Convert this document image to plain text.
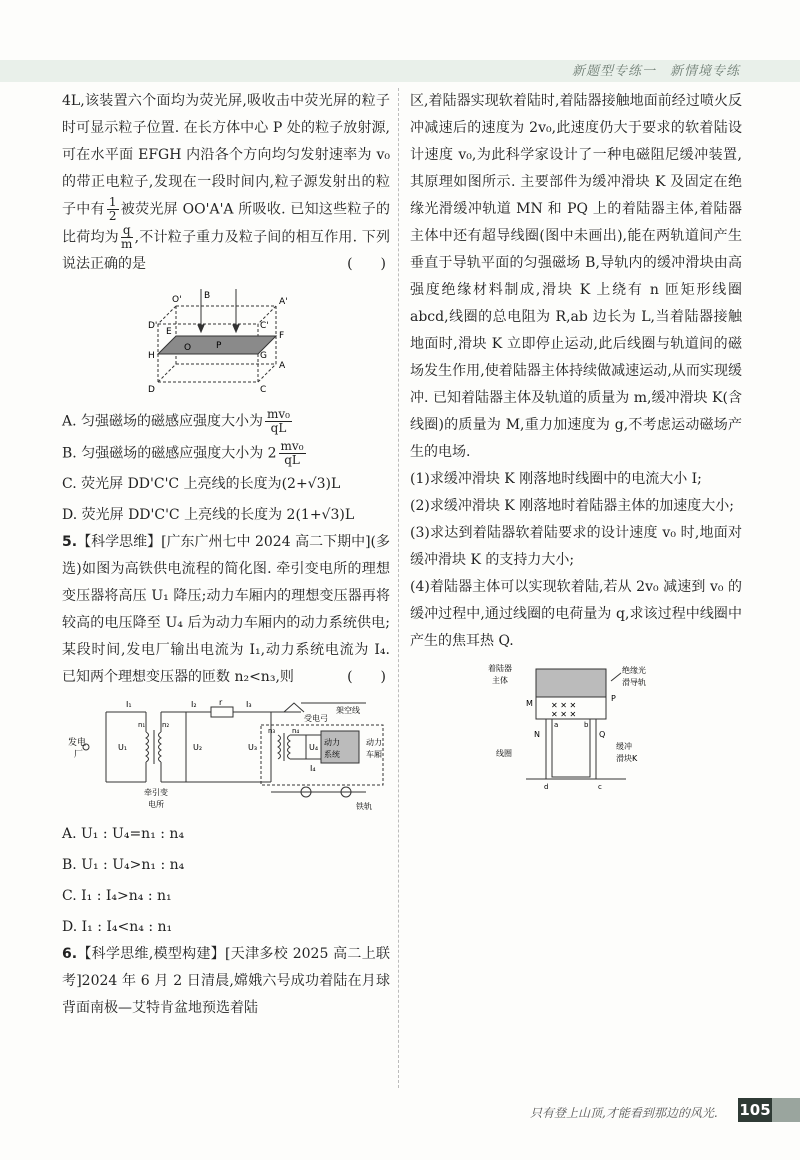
新题型专练一　新情境专练

4L,该装置六个面均为荧光屏,吸收击中荧光屏的粒子时可显示粒子位置. 在长方体中心 P 处的粒子放射源,可在水平面 EFGH 内沿各个方向均匀发射速率为 v₀ 的带正电粒子,发现在一段时间内,粒子源发射出的粒子中有 $\frac{1}{2}$ 被荧光屏 OO'A'A 所吸收. 已知这些粒子的比荷均为 $\frac{q}{m}$ ,不计粒子重力及粒子间的相互作用. 下列说法正确的是	(　　)

O' B
A'
D'	C'
E	F
H
O	P
G
A
D	C

A. 匀强磁场的磁感应强度大小为 $\frac{\text{mv₀}}{qL}$

B. 匀强磁场的磁感应强度大小为 $2 \frac{\text{mv₀}}{qL}$

C. 荧光屏 DD'C'C 上亮线的长度为(2+√3)L

D. 荧光屏 DD'C'C 上亮线的长度为 2(1+√3)L

5.【科学思维】[广东广州七中 2024 高二下期中](多选)如图为高铁供电流程的简化图. 牵引变电所的理想变压器将高压 U₁ 降压;动力车厢内的理想变压器再将较高的电压降至 U₄ 后为动力车厢内的动力系统供电;某段时间,发电厂输出电流为 I₁,动力系统电流为 I₄. 已知两个理想变压器的匝数 n₂<n₃,则	(　　)

I₁	I₂	r	I₃
架空线
受电弓
发电
厂
U₁
n₁ n₂
U₂	U₃
n₃ n₄
U₄
动力
系统
动力
车厢
I₄
牵引变
电所	铁轨

A. U₁ : U₄=n₁ : n₄

B. U₁ : U₄>n₁ : n₄

C. I₁ : I₄>n₄ : n₁

D. I₁ : I₄<n₄ : n₁

6.【科学思维,模型构建】[天津多校 2025 高二上联考]2024 年 6 月 2 日清晨,嫦娥六号成功着陆在月球背面南极—艾特肯盆地预选着陆

区,着陆器实现软着陆时,着陆器接触地面前经过喷火反冲减速后的速度为 2v₀,此速度仍大于要求的软着陆设计速度 v₀,为此科学家设计了一种电磁阻尼缓冲装置,其原理如图所示. 主要部件为缓冲滑块 K 及固定在绝缘光滑缓冲轨道 MN 和 PQ 上的着陆器主体,着陆器主体中还有超导线圈(图中未画出),能在两轨道间产生垂直于导轨平面的匀强磁场 B,导轨内的缓冲滑块由高强度绝缘材料制成,滑块 K 上绕有 n 匝矩形线圈 abcd,线圈的总电阻为 R,ab 边长为 L,当着陆器接触地面时,滑块 K 立即停止运动,此后线圈与轨道间的磁场发生作用,使着陆器主体持续做减速运动,从而实现缓冲. 已知着陆器主体及轨道的质量为 m,缓冲滑块 K(含线圈)的质量为 M,重力加速度为 g,不考虑运动磁场产生的电场.

(1)求缓冲滑块 K 刚落地时线圈中的电流大小 I;

(2)求缓冲滑块 K 刚落地时着陆器主体的加速度大小;

(3)求达到着陆器软着陆要求的设计速度 v₀ 时,地面对缓冲滑块 K 的支持力大小;

(4)着陆器主体可以实现软着陆,若从 2v₀ 减速到 v₀ 的缓冲过程中,通过线圈的电荷量为 q,求该过程中线圈中产生的焦耳热 Q.

✕ ✕ ✕
✕ ✕ ✕
着陆器
主体
P
绝缘光
滑导轨
M
a	b
N	Q
线圈
缓冲
滑块K
d	c
只有登上山顶,才能看到那边的风光. 105
